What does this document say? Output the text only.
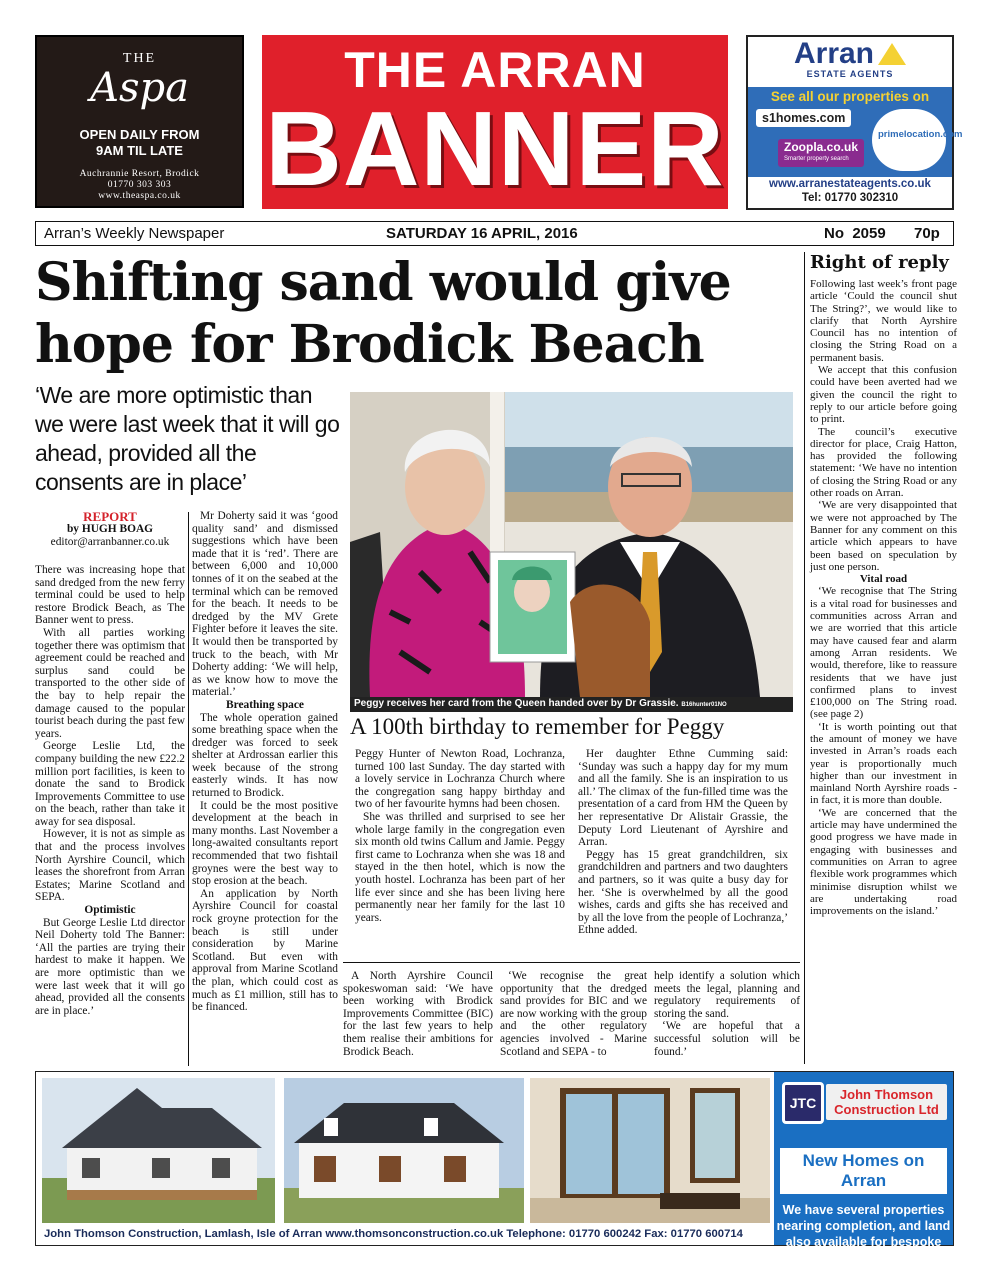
THE
Aspa
OPEN DAILY FROM
9AM TIL LATE
Auchrannie Resort, Brodick
01770 303 303
www.theaspa.co.uk
THE ARRAN
BANNER
Arran
ESTATE AGENTS
See all our properties on
s1homes.com
Zoopla.co.uk
Smarter property search
primelocation.com
www.arranestateagents.co.uk
Tel: 01770 302310
Arran’s Weekly Newspaper	SATURDAY 16 APRIL, 2016	No  2059 70p
Shifting sand would give hope for Brodick Beach
‘We are more optimistic than we were last week that it will go ahead, provided all the consents are in place’
REPORT
by HUGH BOAG
editor@arranbanner.co.uk

There was increasing hope that sand dredged from the new ferry terminal could be used to help restore Brodick Beach, as The Banner went to press.

With all parties working together there was optimism that agreement could be reached and surplus sand could be transported to the other side of the bay to help repair the damage caused to the popular tourist beach during the past few years.

George Leslie Ltd, the company building the new £22.2 million port facilities, is keen to donate the sand to Brodick Improvements Committee to use on the beach, rather than take it away for sea disposal.

However, it is not as simple as that and the process involves North Ayrshire Council, which leases the shorefront from Arran Estates; Marine Scotland and SEPA.

Optimistic

But George Leslie Ltd director Neil Doherty told The Banner: ‘All the parties are trying their hardest to make it happen. We are more optimistic than we were last week that it will go ahead, provided all the consents are in place.’

Mr Doherty said it was ‘good quality sand’ and dismissed suggestions which have been made that it is ‘red’. There are between 6,000 and 10,000 tonnes of it on the seabed at the terminal which can be removed for the beach. It needs to be dredged by the MV Grete Fighter before it leaves the site. It would then be transported by truck to the beach, with Mr Doherty adding: ‘We will help, as we know how to move the material.’

Breathing space

The whole operation gained some breathing space when the dredger was forced to seek shelter at Ardrossan earlier this week because of the strong easterly winds. It has now returned to Brodick.

It could be the most positive development at the beach in many months. Last November a long-awaited consultants report recommended that two fishtail groynes were the best way to stop erosion at the beach.

An application by North Ayrshire Council for coastal rock groyne protection for the beach is still under consideration by Marine Scotland. But even with approval from Marine Scotland the plan, which could cost as much as £1 million, still has to be financed.

Peggy receives her card from the Queen handed over by Dr Grassie. B16hunter01NO
A 100th birthday to remember for Peggy

Peggy Hunter of Newton Road, Lochranza, turned 100 last Sunday. The day started with a lovely service in Lochranza Church where the congregation sang happy birthday and two of her favourite hymns had been chosen.

She was thrilled and surprised to see her whole large family in the congregation even six month old twins Callum and Jamie. Peggy first came to Lochranza when she was 18 and stayed in the then hotel, which is now the youth hostel. Lochranza has been part of her life ever since and she has been living here permanently near her family for the last 10 years.

Her daughter Ethne Cumming said: ‘Sunday was such a happy day for my mum and all the family. She is an inspiration to us all.’ The climax of the fun-filled time was the presentation of a card from HM the Queen by her representative Dr Alistair Grassie, the Deputy Lord Lieutenant of Ayrshire and Arran.

Peggy has 15 great grandchildren, six grandchildren and partners and two daughters and partners, so it was quite a busy day for her. ‘She is overwhelmed by all the good wishes, cards and gifts she has received and by all the love from the people of Lochranza,’ Ethne added.

A North Ayrshire Council spokeswoman said: ‘We have been working with Brodick Improvements Committee (BIC) for the last few years to help them realise their ambitions for Brodick Beach.

‘We recognise the great opportunity that the dredged sand provides for BIC and we are now working with the group and the other regulatory agencies involved - Marine Scotland and SEPA - to

help identify a solution which meets the legal, planning and regulatory requirements of storing the sand.

‘We are hopeful that a successful solution will be found.’

Right of reply

Following last week’s front page article ‘Could the council shut The String?’, we would like to clarify that North Ayrshire Council has no intention of closing the String Road on a permanent basis.

We accept that this confusion could have been averted had we given the council the right to reply to our article before going to print.

The council’s executive director for place, Craig Hatton, has provided the following statement: ‘We have no intention of closing the String Road or any other roads on Arran.

‘We are very disappointed that we were not approached by The Banner for any comment on this article which appears to have been based on speculation by just one person.

Vital road

‘We recognise that The String is a vital road for businesses and communities across Arran and we are worried that this article may have caused fear and alarm among Arran residents. We would, therefore, like to reassure residents that we have just confirmed plans to invest £100,000 on The String road. (see page 2)

‘It is worth pointing out that the amount of money we have invested in Arran’s roads each year is proportionally much higher than our investment in mainland North Ayrshire roads - in fact, it is more than double.

‘We are concerned that the article may have undermined the good progress we have made in engaging with businesses and communities on Arran to agree flexible work programmes which minimise disruption whilst we are undertaking road improvements on the island.’

John Thomson Construction, Lamlash, Isle of Arran www.thomsonconstruction.co.uk Telephone: 01770 600242 Fax: 01770 600714
JTC
John Thomson Construction Ltd
New Homes on Arran
We have several properties nearing completion, and land also available for bespoke development
